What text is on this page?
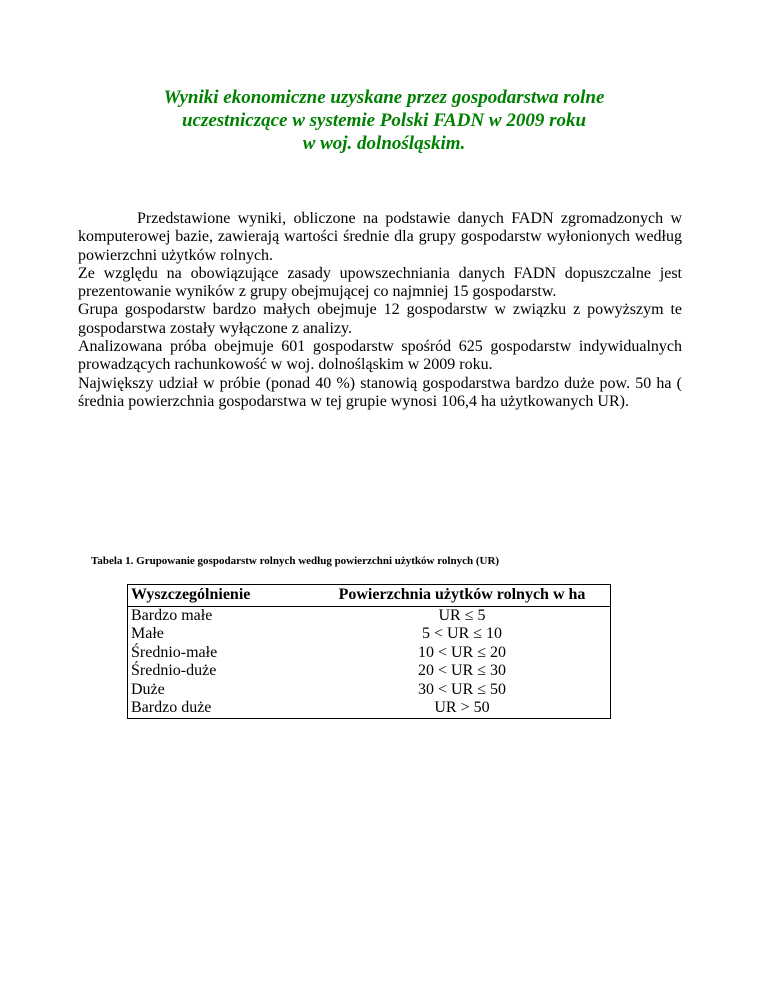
Wyniki ekonomiczne uzyskane przez gospodarstwa rolne
uczestniczące w systemie Polski FADN w 2009 roku
w woj. dolnośląskim.

Przedstawione wyniki, obliczone na podstawie danych FADN zgromadzonych w komputerowej bazie, zawierają wartości średnie dla grupy gospodarstw wyłonionych według powierzchni użytków rolnych.

Ze względu na obowiązujące zasady upowszechniania danych FADN dopuszczalne jest prezentowanie wyników z grupy obejmującej co najmniej 15 gospodarstw.

Grupa gospodarstw bardzo małych obejmuje 12 gospodarstw w związku z powyższym te gospodarstwa zostały wyłączone z analizy.

Analizowana próba obejmuje 601 gospodarstw spośród 625 gospodarstw indywidualnych prowadzących rachunkowość w woj. dolnośląskim w 2009 roku.

Największy udział w próbie (ponad 40 %) stanowią gospodarstwa bardzo duże pow. 50 ha ( średnia powierzchnia gospodarstwa w tej grupie wynosi 106,4 ha użytkowanych UR).

Tabela 1. Grupowanie gospodarstw rolnych według powierzchni użytków rolnych (UR)
Wyszczególnienie	Powierzchnia użytków rolnych w ha
Bardzo małe	UR ≤ 5
Małe	5 < UR ≤ 10
Średnio-małe	10 < UR ≤ 20
Średnio-duże	20 < UR ≤ 30
Duże	30 < UR ≤ 50
Bardzo duże	UR > 50
